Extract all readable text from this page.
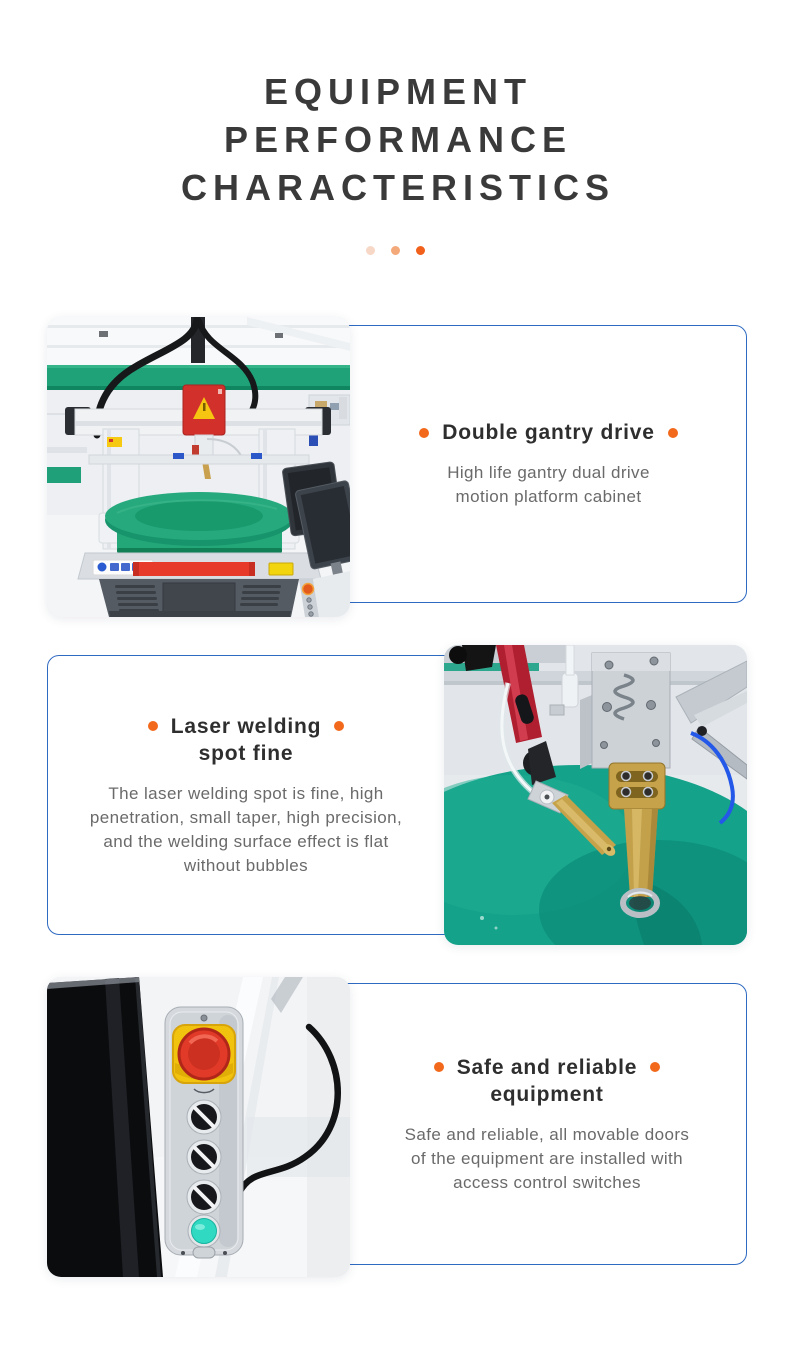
EQUIPMENT
PERFORMANCE
CHARACTERISTICS
Double gantry drive
High life gantry dual drive
motion platform cabinet
Laser welding
spot fine
The laser welding spot is fine, high
penetration, small taper, high precision,
and the welding surface effect is flat
without bubbles
Safe and reliable
equipment
Safe and reliable, all movable doors
of the equipment are installed with
access control switches
